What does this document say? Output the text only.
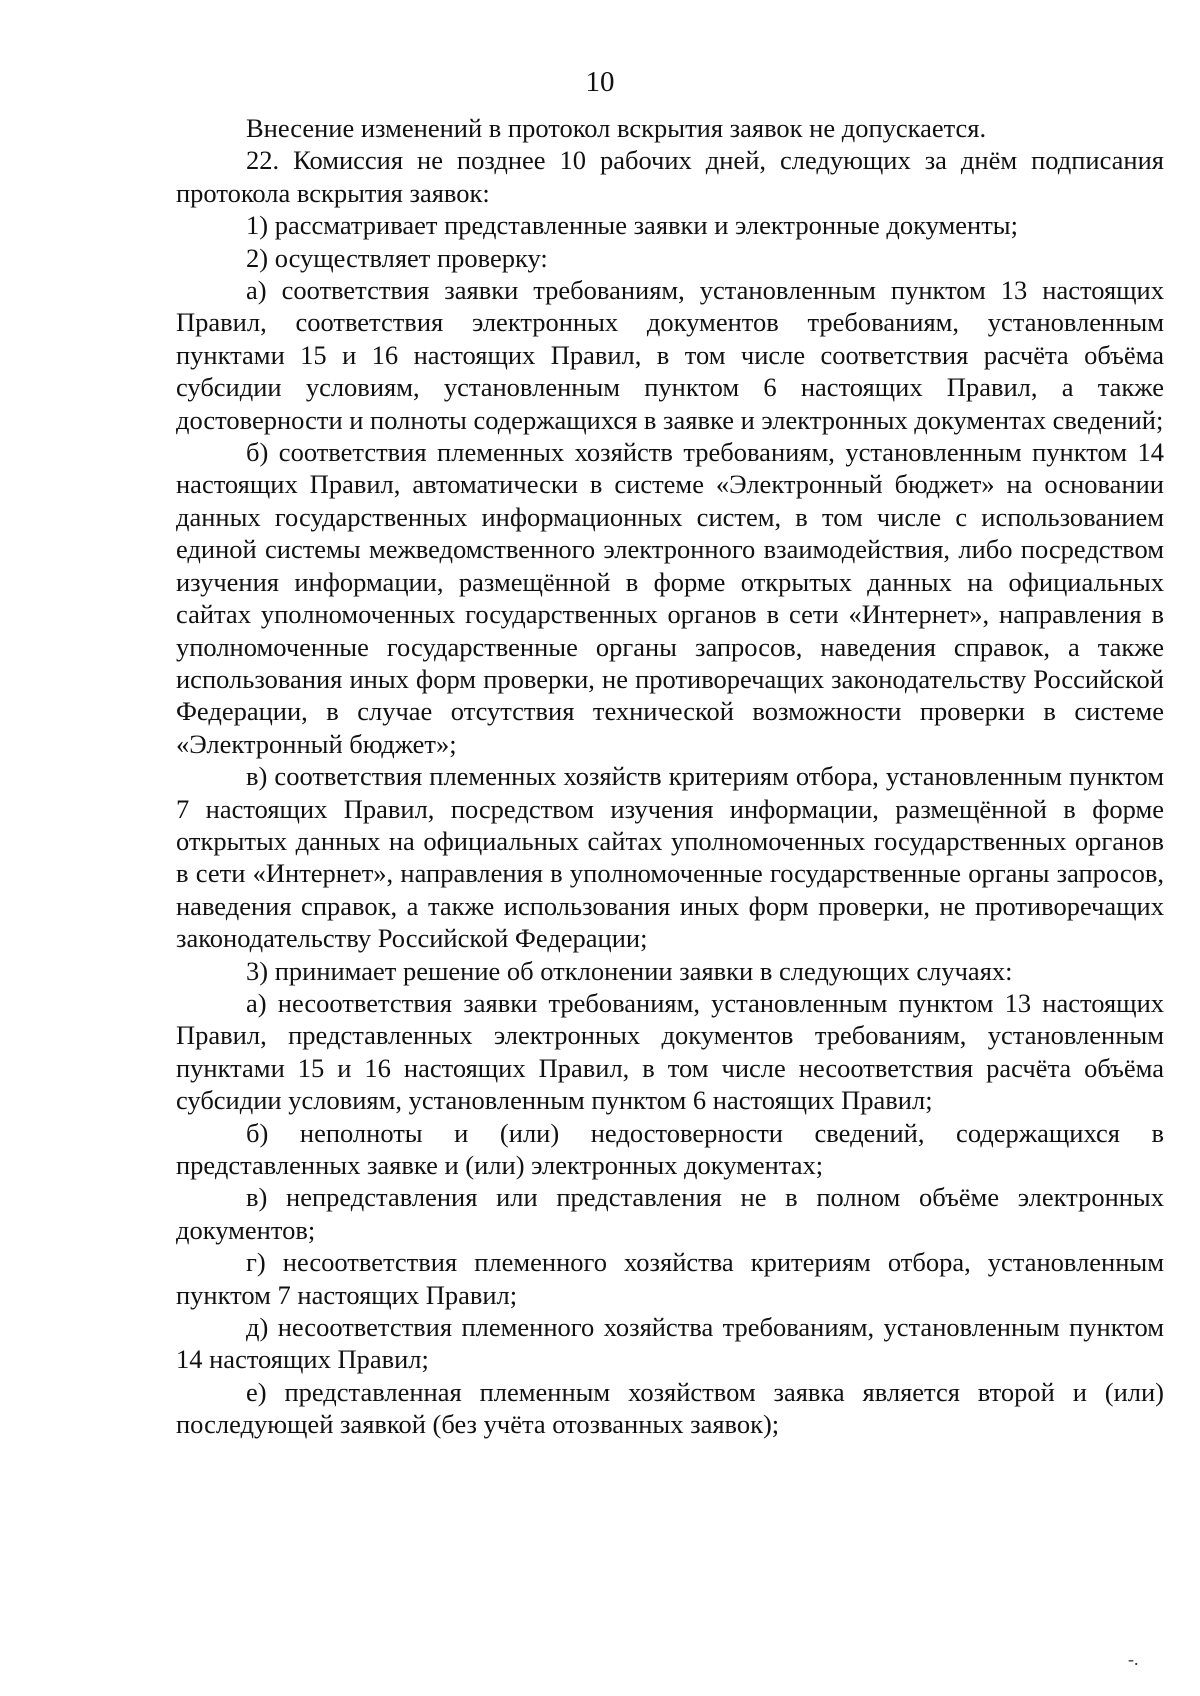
10

Внесение изменений в протокол вскрытия заявок не допускается.

22. Комиссия не позднее 10 рабочих дней, следующих за днём подписания протокола вскрытия заявок:

1) рассматривает представленные заявки и электронные документы;

2) осуществляет проверку:

а) соответствия заявки требованиям, установленным пунктом 13 настоящих Правил, соответствия электронных документов требованиям, установленным пунктами 15 и 16 настоящих Правил, в том числе соответствия расчёта объёма субсидии условиям, установленным пунктом 6 настоящих Правил, а также достоверности и полноты содержащихся в заявке и электронных документах сведений;

б) соответствия племенных хозяйств требованиям, установленным пунктом 14 настоящих Правил, автоматически в системе «Электронный бюджет» на основании данных государственных информационных систем, в том числе с использованием единой системы межведомственного электронного взаимодействия, либо посредством изучения информации, размещённой в форме открытых данных на официальных сайтах уполномоченных государственных органов в сети «Интернет», направления в уполномоченные государственные органы запросов, наведения справок, а также использования иных форм проверки, не противоречащих законодательству Российской Федерации, в случае отсутствия технической возможности проверки в системе «Электронный бюджет»;

в) соответствия племенных хозяйств критериям отбора, установленным пунктом 7 настоящих Правил, посредством изучения информации, размещённой в форме открытых данных на официальных сайтах уполномоченных государственных органов в сети «Интернет», направления в уполномоченные государственные органы запросов, наведения справок, а также использования иных форм проверки, не противоречащих законодательству Российской Федерации;

3) принимает решение об отклонении заявки в следующих случаях:

а) несоответствия заявки требованиям, установленным пунктом 13 настоящих Правил, представленных электронных документов требованиям, установленным пунктами 15 и 16 настоящих Правил, в том числе несоответствия расчёта объёма субсидии условиям, установленным пунктом 6 настоящих Правил;

б) неполноты и (или) недостоверности сведений, содержащихся в представленных заявке и (или) электронных документах;

в) непредставления или представления не в полном объёме электронных документов;

г) несоответствия племенного хозяйства критериям отбора, установленным пунктом 7 настоящих Правил;

д) несоответствия племенного хозяйства требованиям, установленным пунктом 14 настоящих Правил;

е) представленная племенным хозяйством заявка является второй и (или) последующей заявкой (без учёта отозванных заявок);

-.
